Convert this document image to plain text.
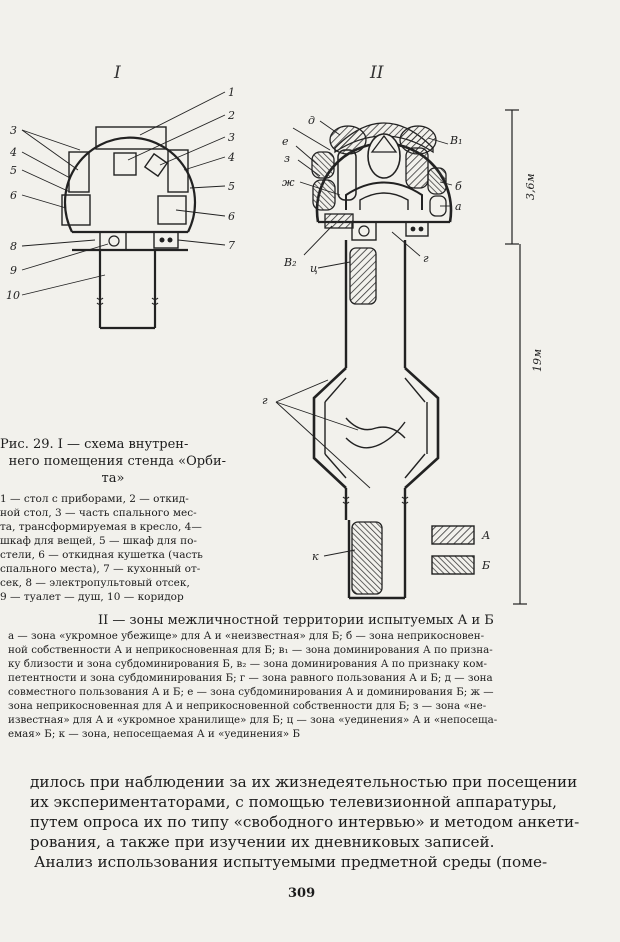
I
1
2
3
4
5
6
7
3
4
5
6
8
9
10
II
д
е
з
ж
В₁
б
а
В₂ ц
г
г
к
А
Б
3,6м
19м
Рис. 29. I — схема внутрен-
него помещения стенда «Орби-
та»
1 — стол с приборами, 2 — откид-
ной стол, 3 — часть спального мес-
та, трансформируемая в кресло, 4—
шкаф для вещей, 5 — шкаф для по-
стели, 6 — откидная кушетка (часть
спального места), 7 — кухонный от-
сек, 8 — электропультовый отсек,
9 — туалет — душ, 10 — коридор
II — зоны межличностной территории испытуемых А и Б
а — зона «укромное убежище» для А и «неизвестная» для Б; б — зона неприкосновен-
ной собственности А и неприкосновенная для Б; в₁ — зона доминирования А по призна-
ку близости и зона субдоминирования Б, в₂ — зона доминирования А по признаку ком-
петентности и зона субдоминирования Б; г — зона равного пользования А и Б; д — зона
совместного пользования А и Б; е — зона субдоминирования А и доминирования Б; ж —
зона неприкосновенная для А и неприкосновенной собственности для Б; з — зона «не-
известная» для А и «укромное хранилище» для Б; ц — зона «уединения» А и «непосеща-
емая» Б; к — зона, непосещаемая А и «уединения» Б
дилось при наблюдении за их жизнедеятельностью при посещении
их экспериментаторами, с помощью телевизионной аппаратуры,
путем опроса их по типу «свободного интервью» и методом анкети-
рования, а также при изучении их дневниковых записей.
Анализ использования испытуемыми предметной среды (поме-
309
